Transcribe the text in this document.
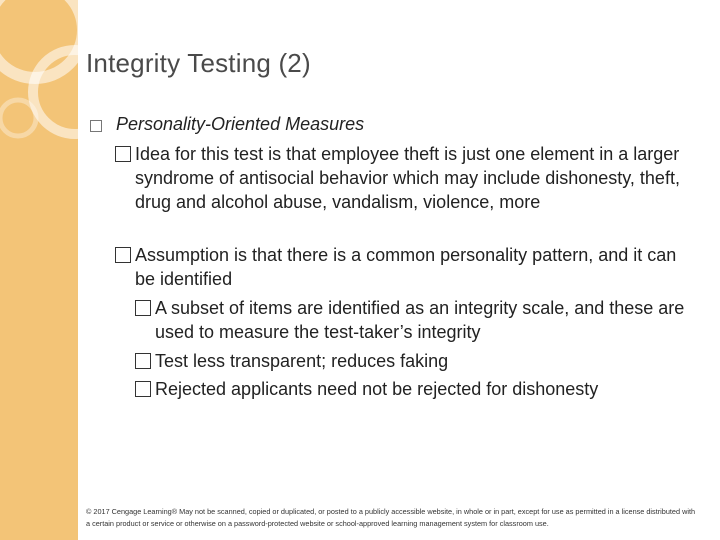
Integrity Testing (2)
Personality-Oriented Measures
Idea for this test is that employee theft is just one element in a larger syndrome of antisocial behavior which may include dishonesty, theft, drug and alcohol abuse, vandalism, violence, more
Assumption is that there is a common personality pattern, and it can be identified
A subset of items are identified as an integrity scale, and these are used to measure the test-taker’s integrity
Test less transparent; reduces faking
Rejected applicants need not be rejected for dishonesty
© 2017 Cengage Learning® May not be scanned, copied or duplicated, or posted to a publicly accessible website, in whole or in part, except for use as permitted in a license distributed with a certain product or service or otherwise on a password-protected website or school-approved learning management system for classroom use.
